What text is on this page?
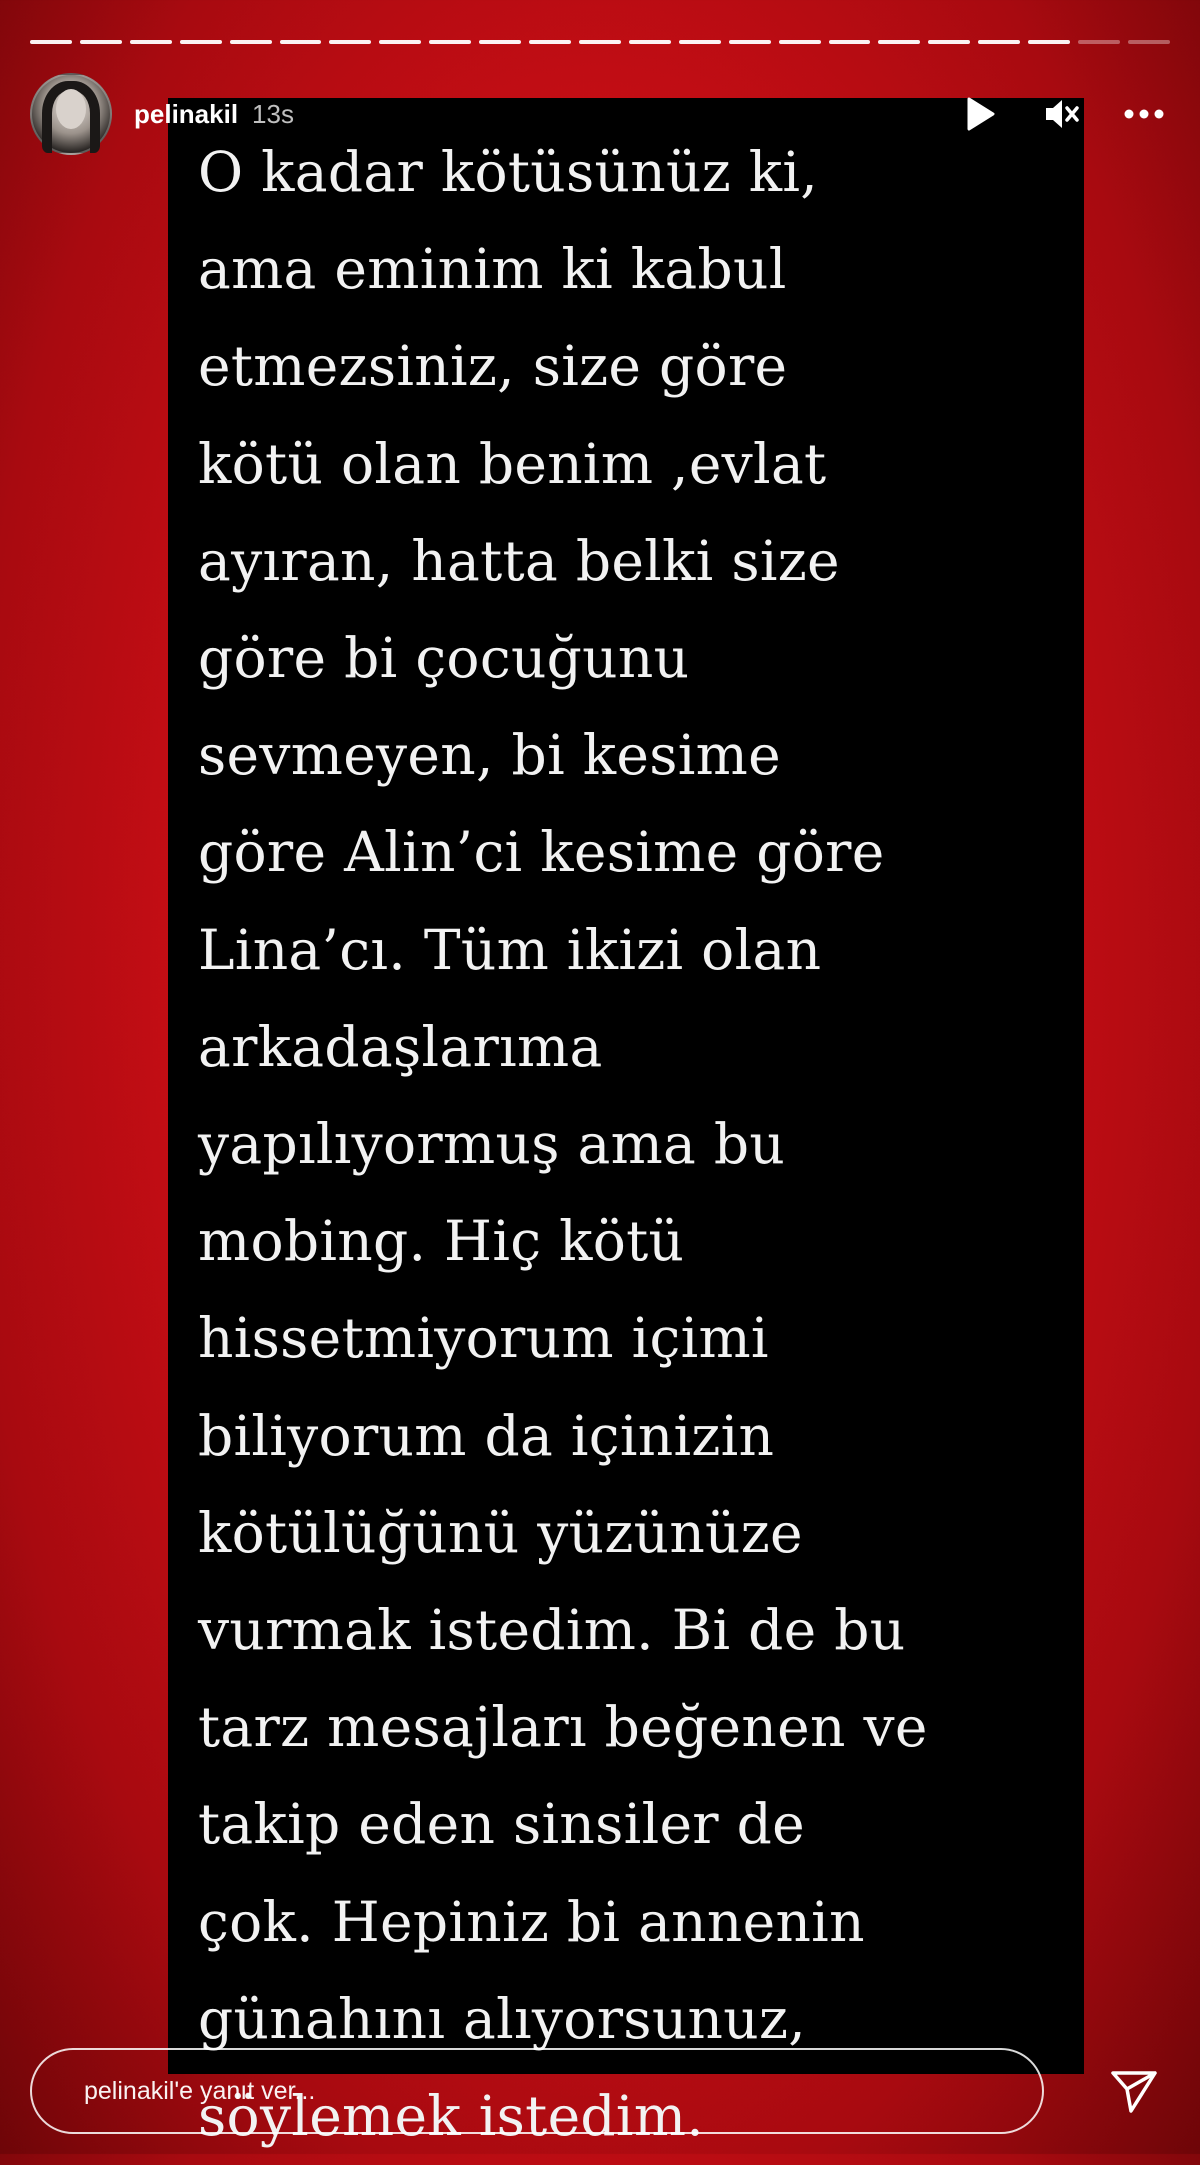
pelinakil 13s

O kadar kötüsünüz ki,
ama eminim ki kabul
etmezsiniz, size göre
kötü olan benim ,evlat
ayıran, hatta belki size
göre bi çocuğunu
sevmeyen, bi kesime
göre Alin’ci kesime göre
Lina’cı. Tüm ikizi olan
arkadaşlarıma
yapılıyormuş ama bu
mobing. Hiç kötü
hissetmiyorum içimi
biliyorum da içinizin
kötülüğünü yüzünüze
vurmak istedim. Bi de bu
tarz mesajları beğenen ve
takip eden sinsiler de
çok. Hepiniz bi annenin
günahını alıyorsunuz,
söylemek istedim.

pelinakil'e yanıt ver...
